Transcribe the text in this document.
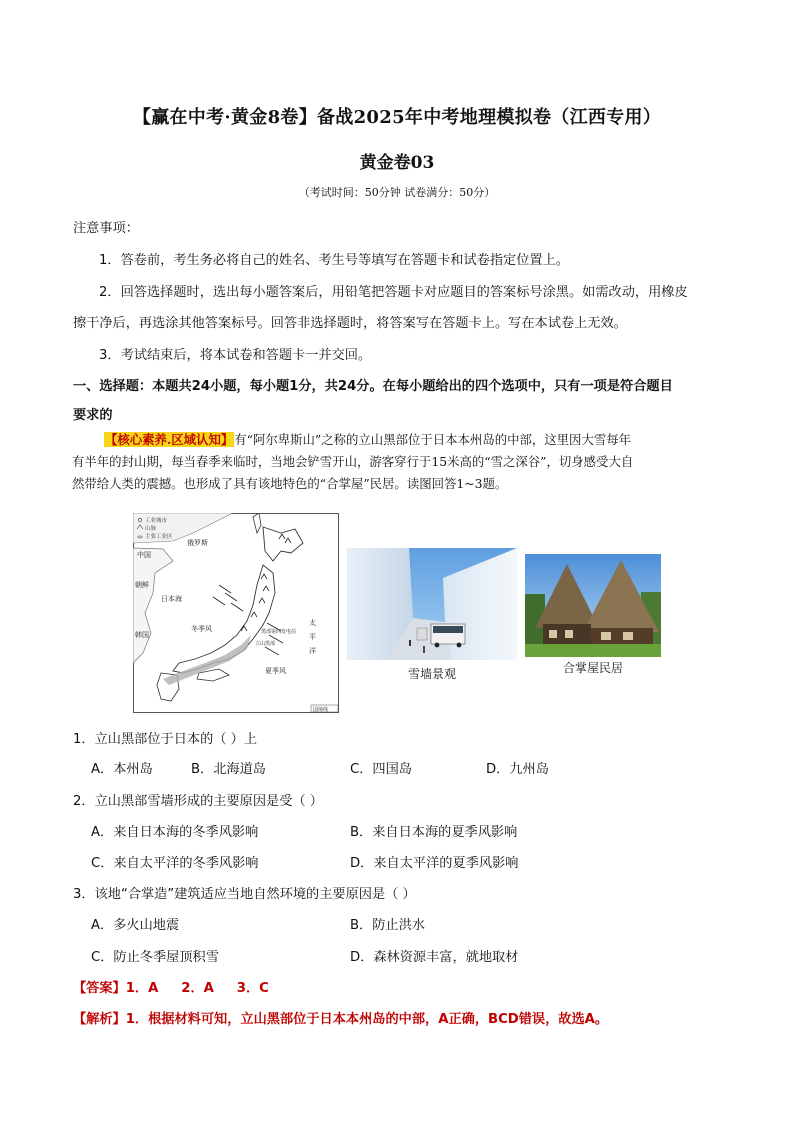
【赢在中考·黄金8卷】备战2025年中考地理模拟卷（江西专用）
黄金卷03
（考试时间：50分钟 试卷满分：50分）
注意事项：
1．答卷前，考生务必将自己的姓名、考生号等填写在答题卡和试卷指定位置上。
2．回答选择题时，选出每小题答案后，用铅笔把答题卡对应题目的答案标号涂黑。如需改动，用橡皮
擦干净后，再选涂其他答案标号。回答非选择题时，将答案写在答题卡上。写在本试卷上无效。
3．考试结束后，将本试卷和答题卡一并交回。
一、选择题：本题共24小题，每小题1分，共24分。在每小题给出的四个选项中，只有一项是符合题目
要求的
【核心素养.区域认知】有“阿尔卑斯山”之称的立山黑部位于日本本州岛的中部，这里因大雪每年
有半年的封山期，每当春季来临时，当地会铲雪开山，游客穿行于15米高的“雪之深谷”，切身感受大自
然带给人类的震撼。也形成了具有该地特色的“合掌屋”民居。读图回答1~3题。
工业城市
山脉
主要工业区
俄罗斯
中国
朝鲜
韩国
日本海
冬季风
夏季风
太
平
洋
立山黑部
黑部第四发电站
国境线
雪墙景观	合掌屋民居
1．立山黑部位于日本的（ ）上
A．本州岛	B．北海道岛	C．四国岛	D．九州岛
2．立山黑部雪墙形成的主要原因是受（ ）
A．来自日本海的冬季风影响	B．来自日本海的夏季风影响
C．来自太平洋的冬季风影响	D．来自太平洋的夏季风影响
3．该地“合掌造”建筑适应当地自然环境的主要原因是（ ）
A．多火山地震	B．防止洪水
C．防止冬季屋顶积雪	D．森林资源丰富，就地取材
【答案】1．A     2．A     3．C
【解析】1．根据材料可知，立山黑部位于日本本州岛的中部，A正确，BCD错误，故选A。
